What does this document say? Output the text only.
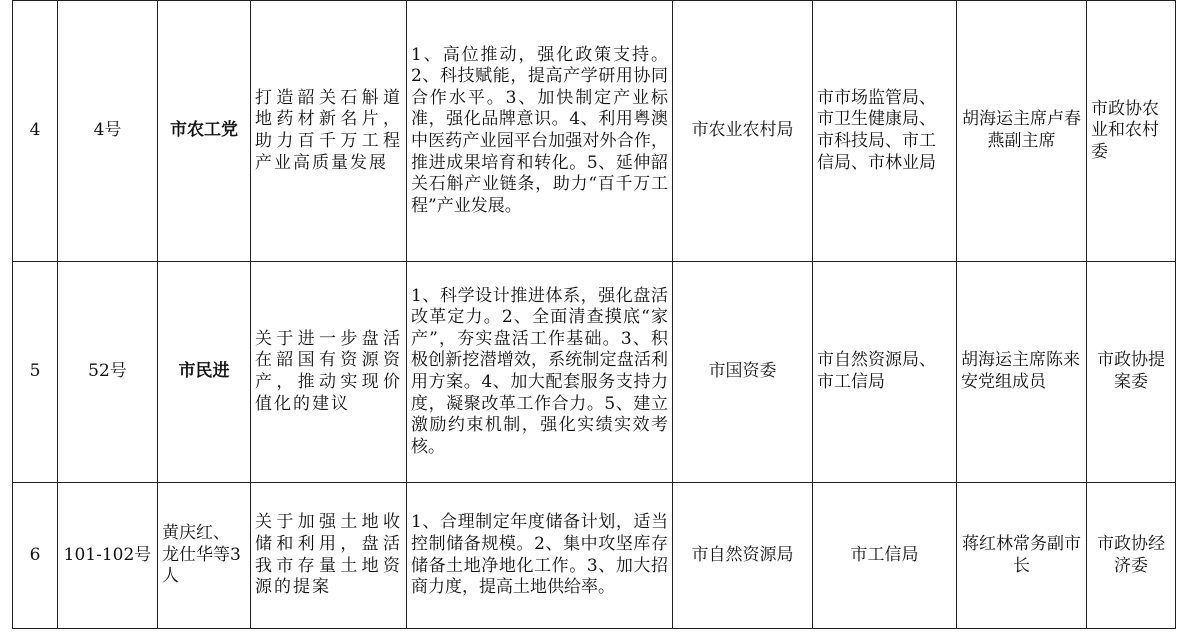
4	4号	市农工党	打造韶关石斛道地药材新名片，助力百千万工程产业高质量发展	1、高位推动，强化政策支持。2、科技赋能，提高产学研用协同合作水平。3、加快制定产业标准，强化品牌意识。4、利用粤澳中医药产业园平台加强对外合作，推进成果培育和转化。5、延伸韶关石斛产业链条，助力“百千万工程”产业发展。	市农业农村局	市市场监管局、市卫生健康局、市科技局、市工信局、市林业局	胡海运主席卢春燕副主席	市政协农业和农村委

5	52号	市民进	关于进一步盘活在韶国有资源资产，推动实现价值化的建议	1、科学设计推进体系，强化盘活改革定力。2、全面清查摸底“家产”，夯实盘活工作基础。3、积极创新挖潜增效，系统制定盘活利用方案。4、加大配套服务支持力度，凝聚改革工作合力。5、建立激励约束机制，强化实绩实效考核。	市国资委	市自然资源局、市工信局	胡海运主席陈来安党组成员	市政协提案委

6	101-102号	黄庆红、龙仕华等3人	关于加强土地收储和利用，盘活我市存量土地资源的提案	1、合理制定年度储备计划，适当控制储备规模。2、集中攻坚库存储备土地净地化工作。3、加大招商力度，提高土地供给率。	市自然资源局	市工信局	蒋红林常务副市长	市政协经济委
